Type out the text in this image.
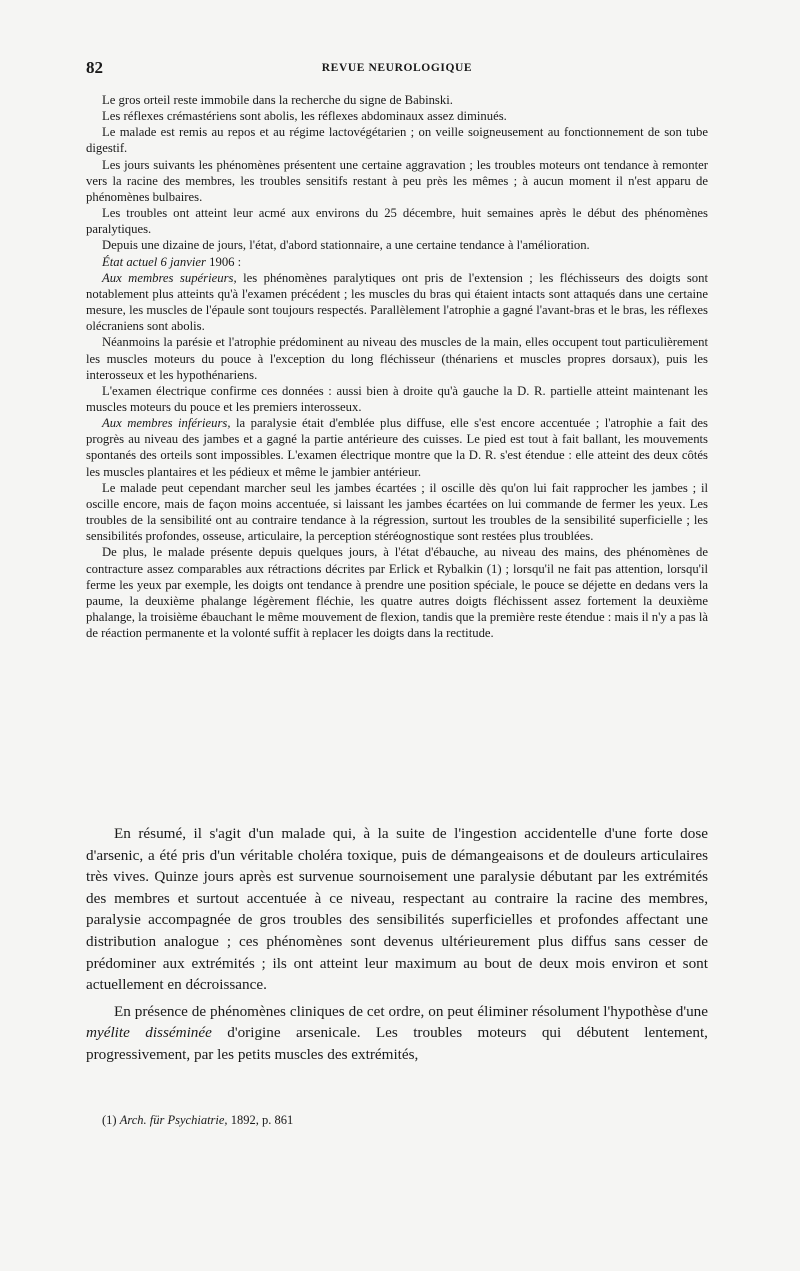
82	REVUE NEUROLOGIQUE

Le gros orteil reste immobile dans la recherche du signe de Babinski.

Les réflexes crémastériens sont abolis, les réflexes abdominaux assez diminués.

Le malade est remis au repos et au régime lactovégétarien ; on veille soigneusement au fonctionnement de son tube digestif.

Les jours suivants les phénomènes présentent une certaine aggravation ; les troubles moteurs ont tendance à remonter vers la racine des membres, les troubles sensitifs restant à peu près les mêmes ; à aucun moment il n'est apparu de phénomènes bulbaires.

Les troubles ont atteint leur acmé aux environs du 25 décembre, huit semaines après le début des phénomènes paralytiques.

Depuis une dizaine de jours, l'état, d'abord stationnaire, a une certaine tendance à l'amélioration.

État actuel 6 janvier 1906 :

Aux membres supérieurs, les phénomènes paralytiques ont pris de l'extension ; les fléchisseurs des doigts sont notablement plus atteints qu'à l'examen précédent ; les muscles du bras qui étaient intacts sont attaqués dans une certaine mesure, les muscles de l'épaule sont toujours respectés. Parallèlement l'atrophie a gagné l'avant-bras et le bras, les réflexes olécraniens sont abolis.

Néanmoins la parésie et l'atrophie prédominent au niveau des muscles de la main, elles occupent tout particulièrement les muscles moteurs du pouce à l'exception du long fléchisseur (thénariens et muscles propres dorsaux), puis les interosseux et les hypothénariens.

L'examen électrique confirme ces données : aussi bien à droite qu'à gauche la D. R. partielle atteint maintenant les muscles moteurs du pouce et les premiers interosseux.

Aux membres inférieurs, la paralysie était d'emblée plus diffuse, elle s'est encore accentuée ; l'atrophie a fait des progrès au niveau des jambes et a gagné la partie antérieure des cuisses. Le pied est tout à fait ballant, les mouvements spontanés des orteils sont impossibles. L'examen électrique montre que la D. R. s'est étendue : elle atteint des deux côtés les muscles plantaires et les pédieux et même le jambier antérieur.

Le malade peut cependant marcher seul les jambes écartées ; il oscille dès qu'on lui fait rapprocher les jambes ; il oscille encore, mais de façon moins accentuée, si laissant les jambes écartées on lui commande de fermer les yeux. Les troubles de la sensibilité ont au contraire tendance à la régression, surtout les troubles de la sensibilité superficielle ; les sensibilités profondes, osseuse, articulaire, la perception stéréognostique sont restées plus troublées.

De plus, le malade présente depuis quelques jours, à l'état d'ébauche, au niveau des mains, des phénomènes de contracture assez comparables aux rétractions décrites par Erlick et Rybalkin (1) ; lorsqu'il ne fait pas attention, lorsqu'il ferme les yeux par exemple, les doigts ont tendance à prendre une position spéciale, le pouce se déjette en dedans vers la paume, la deuxième phalange légèrement fléchie, les quatre autres doigts fléchissent assez fortement la deuxième phalange, la troisième ébauchant le même mouvement de flexion, tandis que la première reste étendue : mais il n'y a pas là de réaction permanente et la volonté suffit à replacer les doigts dans la rectitude.

En résumé, il s'agit d'un malade qui, à la suite de l'ingestion accidentelle d'une forte dose d'arsenic, a été pris d'un véritable choléra toxique, puis de démangeaisons et de douleurs articulaires très vives. Quinze jours après est survenue sournoisement une paralysie débutant par les extrémités des membres et surtout accentuée à ce niveau, respectant au contraire la racine des membres, paralysie accompagnée de gros troubles des sensibilités superficielles et profondes affectant une distribution analogue ; ces phénomènes sont devenus ultérieurement plus diffus sans cesser de prédominer aux extrémités ; ils ont atteint leur maximum au bout de deux mois environ et sont actuellement en décroissance.

En présence de phénomènes cliniques de cet ordre, on peut éliminer résolument l'hypothèse d'une myélite disséminée d'origine arsenicale. Les troubles moteurs qui débutent lentement, progressivement, par les petits muscles des extrémités,

(1) Arch. für Psychiatrie, 1892, p. 861
